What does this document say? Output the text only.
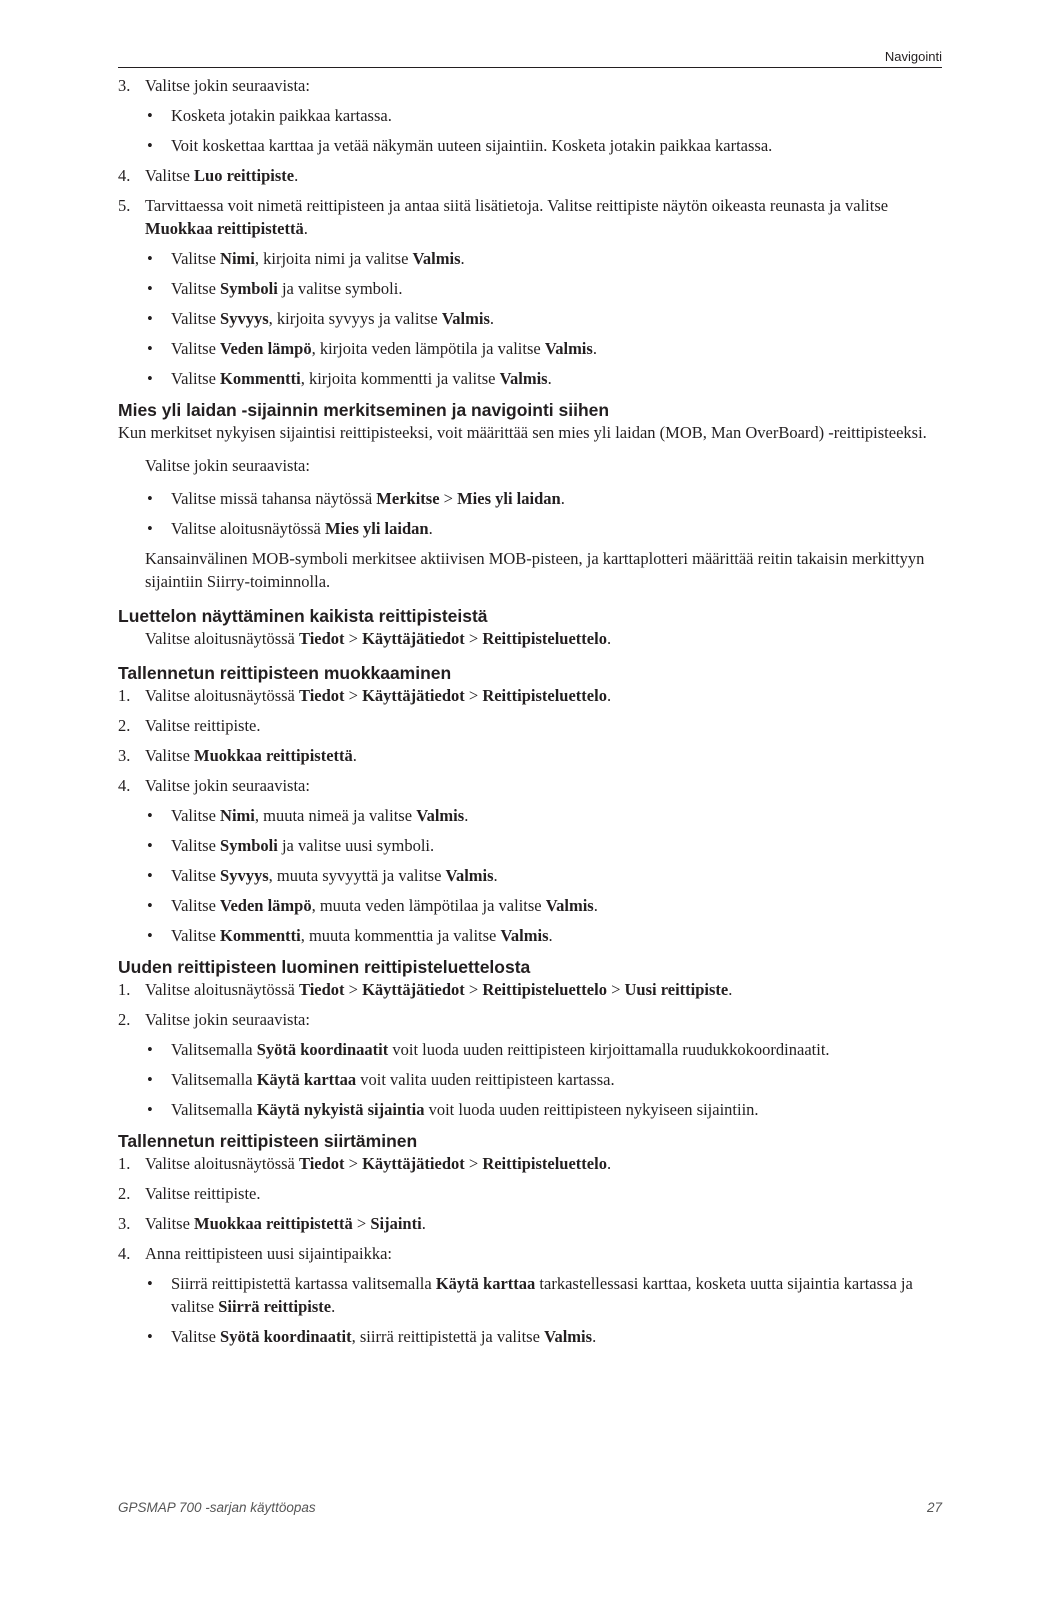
Navigointi
3. Valitse jokin seuraavista:
• Kosketa jotakin paikkaa kartassa.
• Voit koskettaa karttaa ja vetää näkymän uuteen sijaintiin. Kosketa jotakin paikkaa kartassa.
4. Valitse Luo reittipiste.
5. Tarvittaessa voit nimetä reittipisteen ja antaa siitä lisätietoja. Valitse reittipiste näytön oikeasta reunasta ja valitse Muokkaa reittipistettä.
• Valitse Nimi, kirjoita nimi ja valitse Valmis.
• Valitse Symboli ja valitse symboli.
• Valitse Syvyys, kirjoita syvyys ja valitse Valmis.
• Valitse Veden lämpö, kirjoita veden lämpötila ja valitse Valmis.
• Valitse Kommentti, kirjoita kommentti ja valitse Valmis.
Mies yli laidan -sijainnin merkitseminen ja navigointi siihen
Kun merkitset nykyisen sijaintisi reittipisteeksi, voit määrittää sen mies yli laidan (MOB, Man OverBoard) -reittipisteeksi.
Valitse jokin seuraavista:
• Valitse missä tahansa näytössä Merkitse > Mies yli laidan.
• Valitse aloitusnäytössä Mies yli laidan.
Kansainvälinen MOB-symboli merkitsee aktiivisen MOB-pisteen, ja karttaplotteri määrittää reitin takaisin merkittyyn sijaintiin Siirry-toiminnolla.
Luettelon näyttäminen kaikista reittipisteistä
Valitse aloitusnäytössä Tiedot > Käyttäjätiedot > Reittipisteluettelo.
Tallennetun reittipisteen muokkaaminen
1. Valitse aloitusnäytössä Tiedot > Käyttäjätiedot > Reittipisteluettelo.
2. Valitse reittipiste.
3. Valitse Muokkaa reittipistettä.
4. Valitse jokin seuraavista:
• Valitse Nimi, muuta nimeä ja valitse Valmis.
• Valitse Symboli ja valitse uusi symboli.
• Valitse Syvyys, muuta syvyyttä ja valitse Valmis.
• Valitse Veden lämpö, muuta veden lämpötilaa ja valitse Valmis.
• Valitse Kommentti, muuta kommenttia ja valitse Valmis.
Uuden reittipisteen luominen reittipisteluettelosta
1. Valitse aloitusnäytössä Tiedot > Käyttäjätiedot > Reittipisteluettelo > Uusi reittipiste.
2. Valitse jokin seuraavista:
• Valitsemalla Syötä koordinaatit voit luoda uuden reittipisteen kirjoittamalla ruudukkokoordinaatit.
• Valitsemalla Käytä karttaa voit valita uuden reittipisteen kartassa.
• Valitsemalla Käytä nykyistä sijaintia voit luoda uuden reittipisteen nykyiseen sijaintiin.
Tallennetun reittipisteen siirtäminen
1. Valitse aloitusnäytössä Tiedot > Käyttäjätiedot > Reittipisteluettelo.
2. Valitse reittipiste.
3. Valitse Muokkaa reittipistettä > Sijainti.
4. Anna reittipisteen uusi sijaintipaikka:
• Siirrä reittipistettä kartassa valitsemalla Käytä karttaa tarkastellessasi karttaa, kosketa uutta sijaintia kartassa ja valitse Siirrä reittipiste.
• Valitse Syötä koordinaatit, siirrä reittipistettä ja valitse Valmis.
GPSMAP 700 -sarjan käyttöopas	27
